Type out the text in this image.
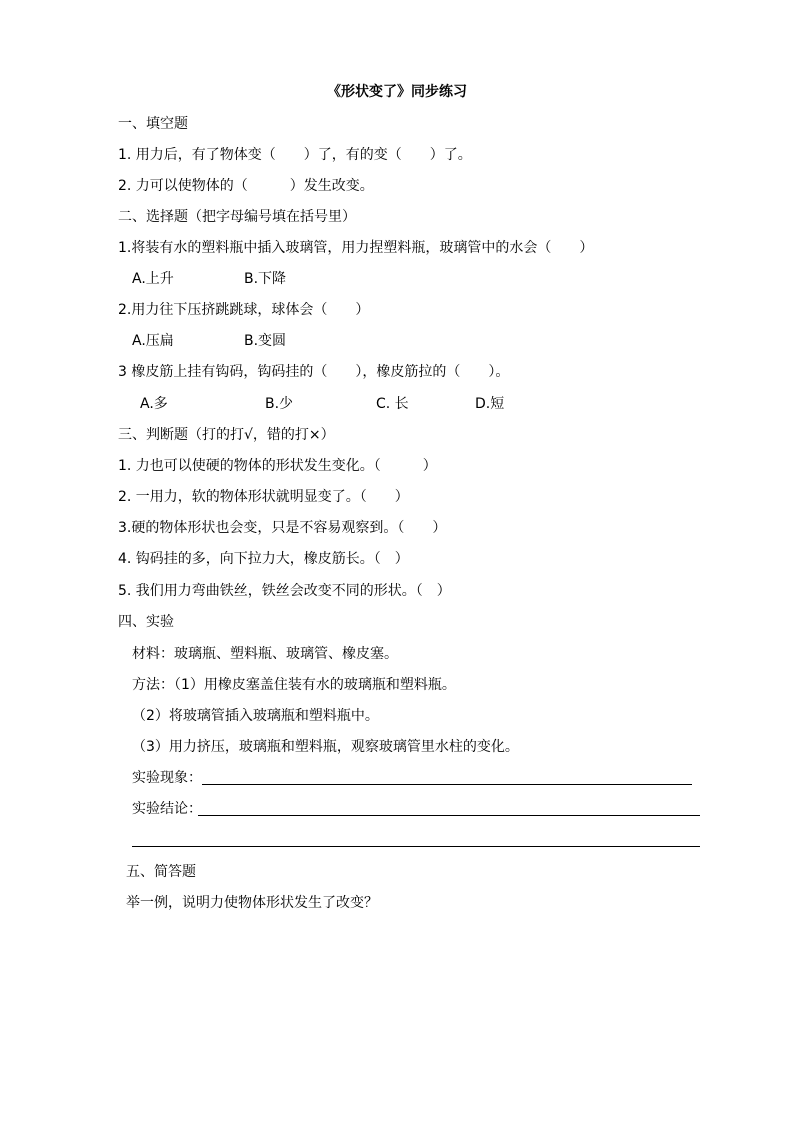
《形状变了》同步练习
一、填空题
1. 用力后，有了物体变（　　）了，有的变（　　）了。
2. 力可以使物体的（　　　）发生改变。
二、选择题（把字母编号填在括号里）
1.将装有水的塑料瓶中插入玻璃管，用力捏塑料瓶，玻璃管中的水会（　　）
A.上升	B.下降
2.用力往下压挤跳跳球，球体会（　　）
A.压扁	B.变圆
3 橡皮筋上挂有钩码，钩码挂的（　　），橡皮筋拉的（　　）。
A.多	B.少	C. 长	D.短
三、判断题（打的打√，错的打×）
1. 力也可以使硬的物体的形状发生变化。（　　　）
2. 一用力，软的物体形状就明显变了。（　　）
3.硬的物体形状也会变，只是不容易观察到。（　　）
4. 钩码挂的多，向下拉力大，橡皮筋长。（　）
5. 我们用力弯曲铁丝，铁丝会改变不同的形状。（　）
四、实验
材料：玻璃瓶、塑料瓶、玻璃管、橡皮塞。
方法：（1）用橡皮塞盖住装有水的玻璃瓶和塑料瓶。
（2）将玻璃管插入玻璃瓶和塑料瓶中。
（3）用力挤压，玻璃瓶和塑料瓶，观察玻璃管里水柱的变化。
实验现象：
实验结论：
五、简答题
举一例，说明力使物体形状发生了改变？
